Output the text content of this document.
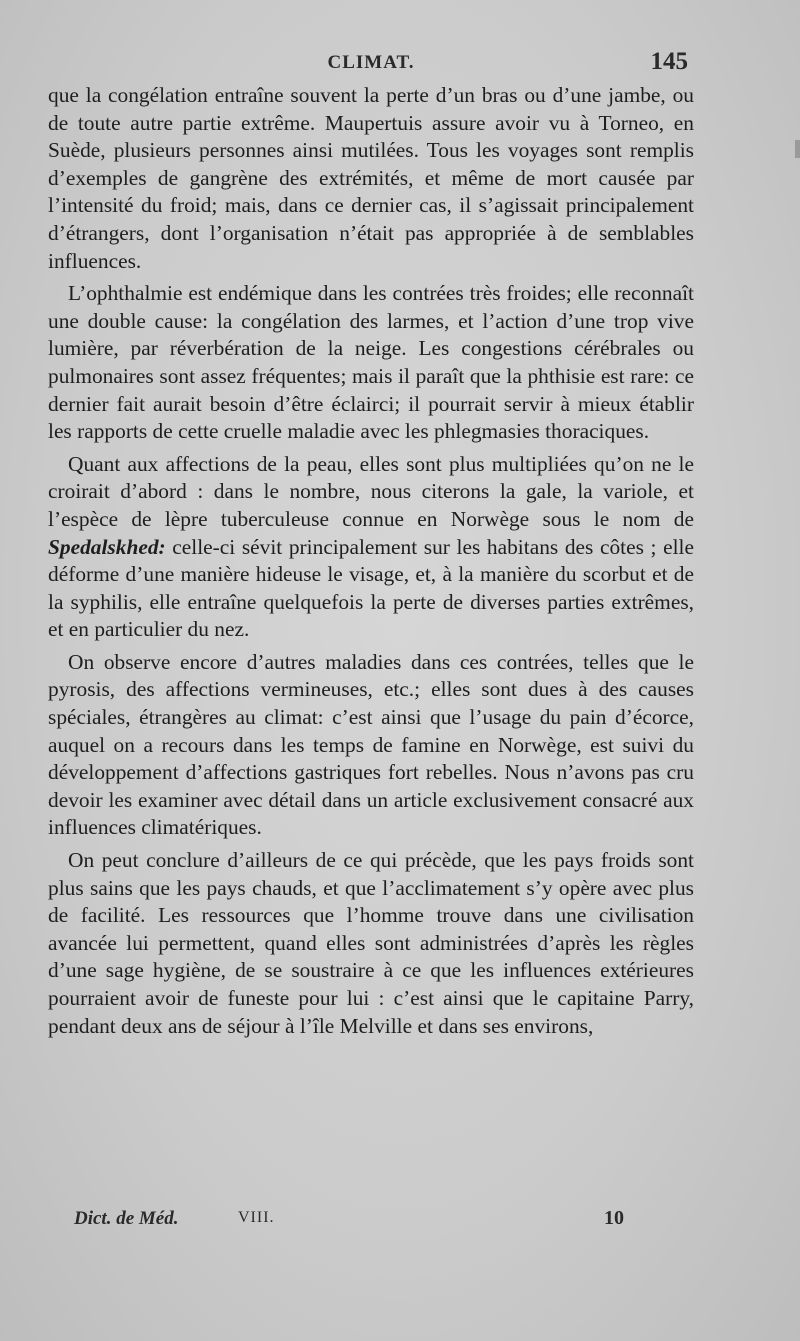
CLIMAT.	145

que la congélation entraîne souvent la perte d’un bras ou d’une jambe, ou de toute autre partie extrême. Maupertuis assure avoir vu à Torneo, en Suède, plusieurs personnes ainsi mutilées. Tous les voyages sont remplis d’exemples de gangrène des extrémités, et même de mort causée par l’intensité du froid; mais, dans ce dernier cas, il s’agissait principalement d’étrangers, dont l’organisation n’était pas appropriée à de semblables influences.

L’ophthalmie est endémique dans les contrées très froides; elle reconnaît une double cause: la congélation des larmes, et l’action d’une trop vive lumière, par réverbération de la neige. Les congestions cérébrales ou pulmonaires sont assez fréquentes; mais il paraît que la phthisie est rare: ce dernier fait aurait besoin d’être éclairci; il pourrait servir à mieux établir les rapports de cette cruelle maladie avec les phlegmasies thoraciques.

Quant aux affections de la peau, elles sont plus multipliées qu’on ne le croirait d’abord : dans le nombre, nous citerons la gale, la variole, et l’espèce de lèpre tuberculeuse connue en Norwège sous le nom de Spedalskhed: celle-ci sévit principalement sur les habitans des côtes ; elle déforme d’une manière hideuse le visage, et, à la manière du scorbut et de la syphilis, elle entraîne quelquefois la perte de diverses parties extrêmes, et en particulier du nez.

On observe encore d’autres maladies dans ces contrées, telles que le pyrosis, des affections vermineuses, etc.; elles sont dues à des causes spéciales, étrangères au climat: c’est ainsi que l’usage du pain d’écorce, auquel on a recours dans les temps de famine en Norwège, est suivi du développement d’affections gastriques fort rebelles. Nous n’avons pas cru devoir les examiner avec détail dans un article exclusivement consacré aux influences climatériques.

On peut conclure d’ailleurs de ce qui précède, que les pays froids sont plus sains que les pays chauds, et que l’acclimatement s’y opère avec plus de facilité. Les ressources que l’homme trouve dans une civilisation avancée lui permettent, quand elles sont administrées d’après les règles d’une sage hygiène, de se soustraire à ce que les influences extérieures pourraient avoir de funeste pour lui : c’est ainsi que le capitaine Parry, pendant deux ans de séjour à l’île Melville et dans ses environs,

Dict. de Méd.	VIII.	10
